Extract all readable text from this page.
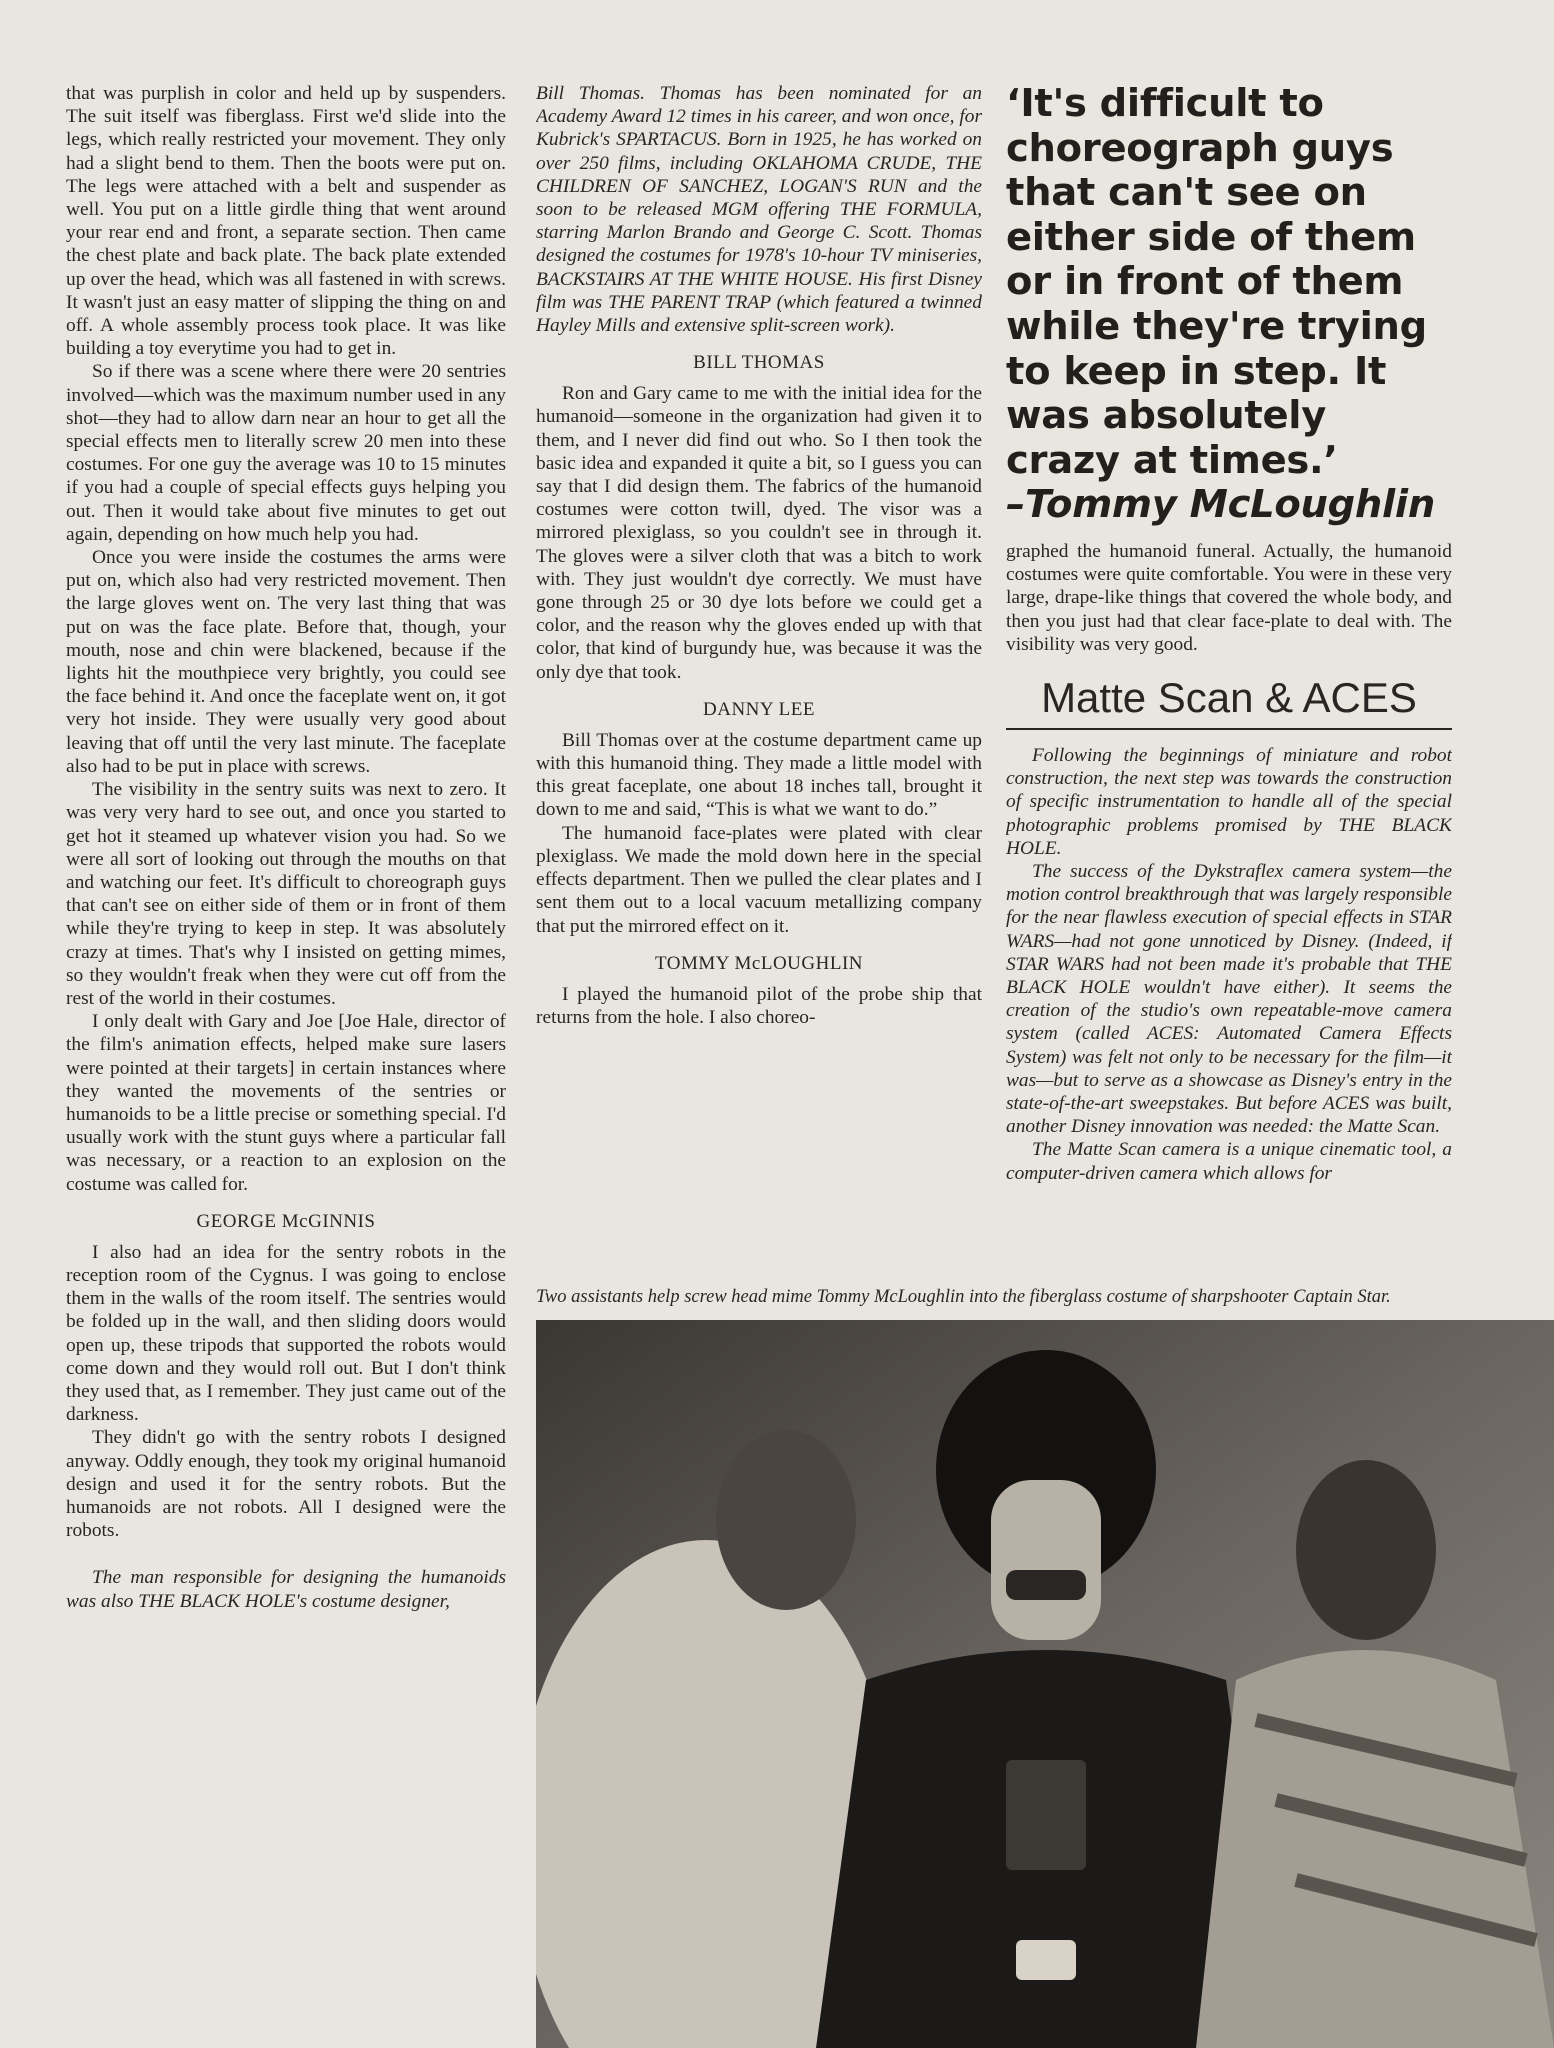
that was purplish in color and held up by suspenders. The suit itself was fiberglass. First we'd slide into the legs, which really restricted your movement. They only had a slight bend to them. Then the boots were put on. The legs were attached with a belt and suspender as well. You put on a little girdle thing that went around your rear end and front, a separate section. Then came the chest plate and back plate. The back plate extended up over the head, which was all fastened in with screws. It wasn't just an easy matter of slipping the thing on and off. A whole assembly process took place. It was like building a toy everytime you had to get in.

So if there was a scene where there were 20 sentries involved—which was the maximum number used in any shot—they had to allow darn near an hour to get all the special effects men to literally screw 20 men into these costumes. For one guy the average was 10 to 15 minutes if you had a couple of special effects guys helping you out. Then it would take about five minutes to get out again, depending on how much help you had.

Once you were inside the costumes the arms were put on, which also had very restricted movement. Then the large gloves went on. The very last thing that was put on was the face plate. Before that, though, your mouth, nose and chin were blackened, because if the lights hit the mouthpiece very brightly, you could see the face behind it. And once the faceplate went on, it got very hot inside. They were usually very good about leaving that off until the very last minute. The faceplate also had to be put in place with screws.

The visibility in the sentry suits was next to zero. It was very very hard to see out, and once you started to get hot it steamed up whatever vision you had. So we were all sort of looking out through the mouths on that and watching our feet. It's difficult to choreograph guys that can't see on either side of them or in front of them while they're trying to keep in step. It was absolutely crazy at times. That's why I insisted on getting mimes, so they wouldn't freak when they were cut off from the rest of the world in their costumes.

I only dealt with Gary and Joe [Joe Hale, director of the film's animation effects, helped make sure lasers were pointed at their targets] in certain instances where they wanted the movements of the sentries or humanoids to be a little precise or something special. I'd usually work with the stunt guys where a particular fall was necessary, or a reaction to an explosion on the costume was called for.

GEORGE McGINNIS

I also had an idea for the sentry robots in the reception room of the Cygnus. I was going to enclose them in the walls of the room itself. The sentries would be folded up in the wall, and then sliding doors would open up, these tripods that supported the robots would come down and they would roll out. But I don't think they used that, as I remember. They just came out of the darkness.

They didn't go with the sentry robots I designed anyway. Oddly enough, they took my original humanoid design and used it for the sentry robots. But the humanoids are not robots. All I designed were the robots.

The man responsible for designing the humanoids was also THE BLACK HOLE's costume designer,

Bill Thomas. Thomas has been nominated for an Academy Award 12 times in his career, and won once, for Kubrick's SPARTACUS. Born in 1925, he has worked on over 250 films, including OKLAHOMA CRUDE, THE CHILDREN OF SANCHEZ, LOGAN'S RUN and the soon to be released MGM offering THE FORMULA, starring Marlon Brando and George C. Scott. Thomas designed the costumes for 1978's 10-hour TV miniseries, BACKSTAIRS AT THE WHITE HOUSE. His first Disney film was THE PARENT TRAP (which featured a twinned Hayley Mills and extensive split-screen work).

BILL THOMAS

Ron and Gary came to me with the initial idea for the humanoid—someone in the organization had given it to them, and I never did find out who. So I then took the basic idea and expanded it quite a bit, so I guess you can say that I did design them. The fabrics of the humanoid costumes were cotton twill, dyed. The visor was a mirrored plexiglass, so you couldn't see in through it. The gloves were a silver cloth that was a bitch to work with. They just wouldn't dye correctly. We must have gone through 25 or 30 dye lots before we could get a color, and the reason why the gloves ended up with that color, that kind of burgundy hue, was because it was the only dye that took.

DANNY LEE

Bill Thomas over at the costume department came up with this humanoid thing. They made a little model with this great faceplate, one about 18 inches tall, brought it down to me and said, “This is what we want to do.”

The humanoid face-plates were plated with clear plexiglass. We made the mold down here in the special effects department. Then we pulled the clear plates and I sent them out to a local vacuum metallizing company that put the mirrored effect on it.

TOMMY McLOUGHLIN

I played the humanoid pilot of the probe ship that returns from the hole. I also choreo-

‘It's difficult to choreograph guys that can't see on either side of them or in front of them while they're trying to keep in step. It was absolutely crazy at times.’
–Tommy McLoughlin

graphed the humanoid funeral. Actually, the humanoid costumes were quite comfortable. You were in these very large, drape-like things that covered the whole body, and then you just had that clear face-plate to deal with. The visibility was very good.

Matte Scan & ACES

Following the beginnings of miniature and robot construction, the next step was towards the construction of specific instrumentation to handle all of the special photographic problems promised by THE BLACK HOLE.

The success of the Dykstraflex camera system—the motion control breakthrough that was largely responsible for the near flawless execution of special effects in STAR WARS—had not gone unnoticed by Disney. (Indeed, if STAR WARS had not been made it's probable that THE BLACK HOLE wouldn't have either). It seems the creation of the studio's own repeatable-move camera system (called ACES: Automated Camera Effects System) was felt not only to be necessary for the film—it was—but to serve as a showcase as Disney's entry in the state-of-the-art sweepstakes. But before ACES was built, another Disney innovation was needed: the Matte Scan.

The Matte Scan camera is a unique cinematic tool, a computer-driven camera which allows for

Two assistants help screw head mime Tommy McLoughlin into the fiberglass costume of sharpshooter Captain Star.
